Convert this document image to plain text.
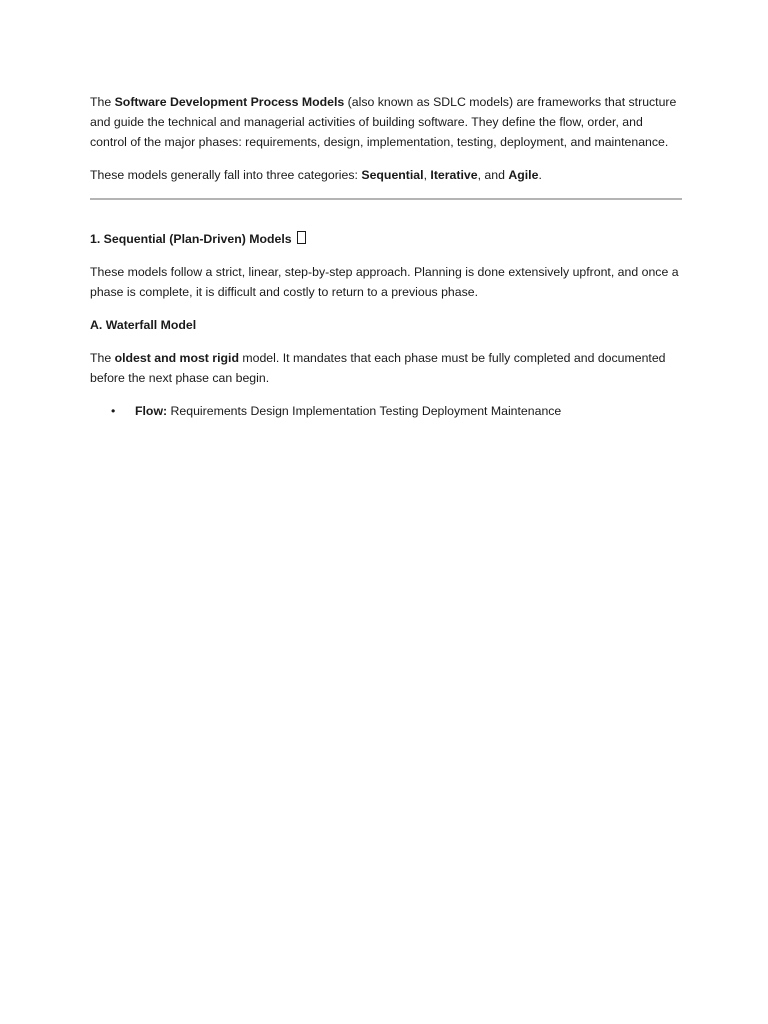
The Software Development Process Models (also known as SDLC models) are frameworks that structure and guide the technical and managerial activities of building software. They define the flow, order, and control of the major phases: requirements, design, implementation, testing, deployment, and maintenance.

These models generally fall into three categories: Sequential, Iterative, and Agile.

1. Sequential (Plan-Driven) Models

These models follow a strict, linear, step-by-step approach. Planning is done extensively upfront, and once a phase is complete, it is difficult and costly to return to a previous phase.

A. Waterfall Model

The oldest and most rigid model. It mandates that each phase must be fully completed and documented before the next phase can begin.

• Flow: Requirements Design Implementation Testing Deployment Maintenance
